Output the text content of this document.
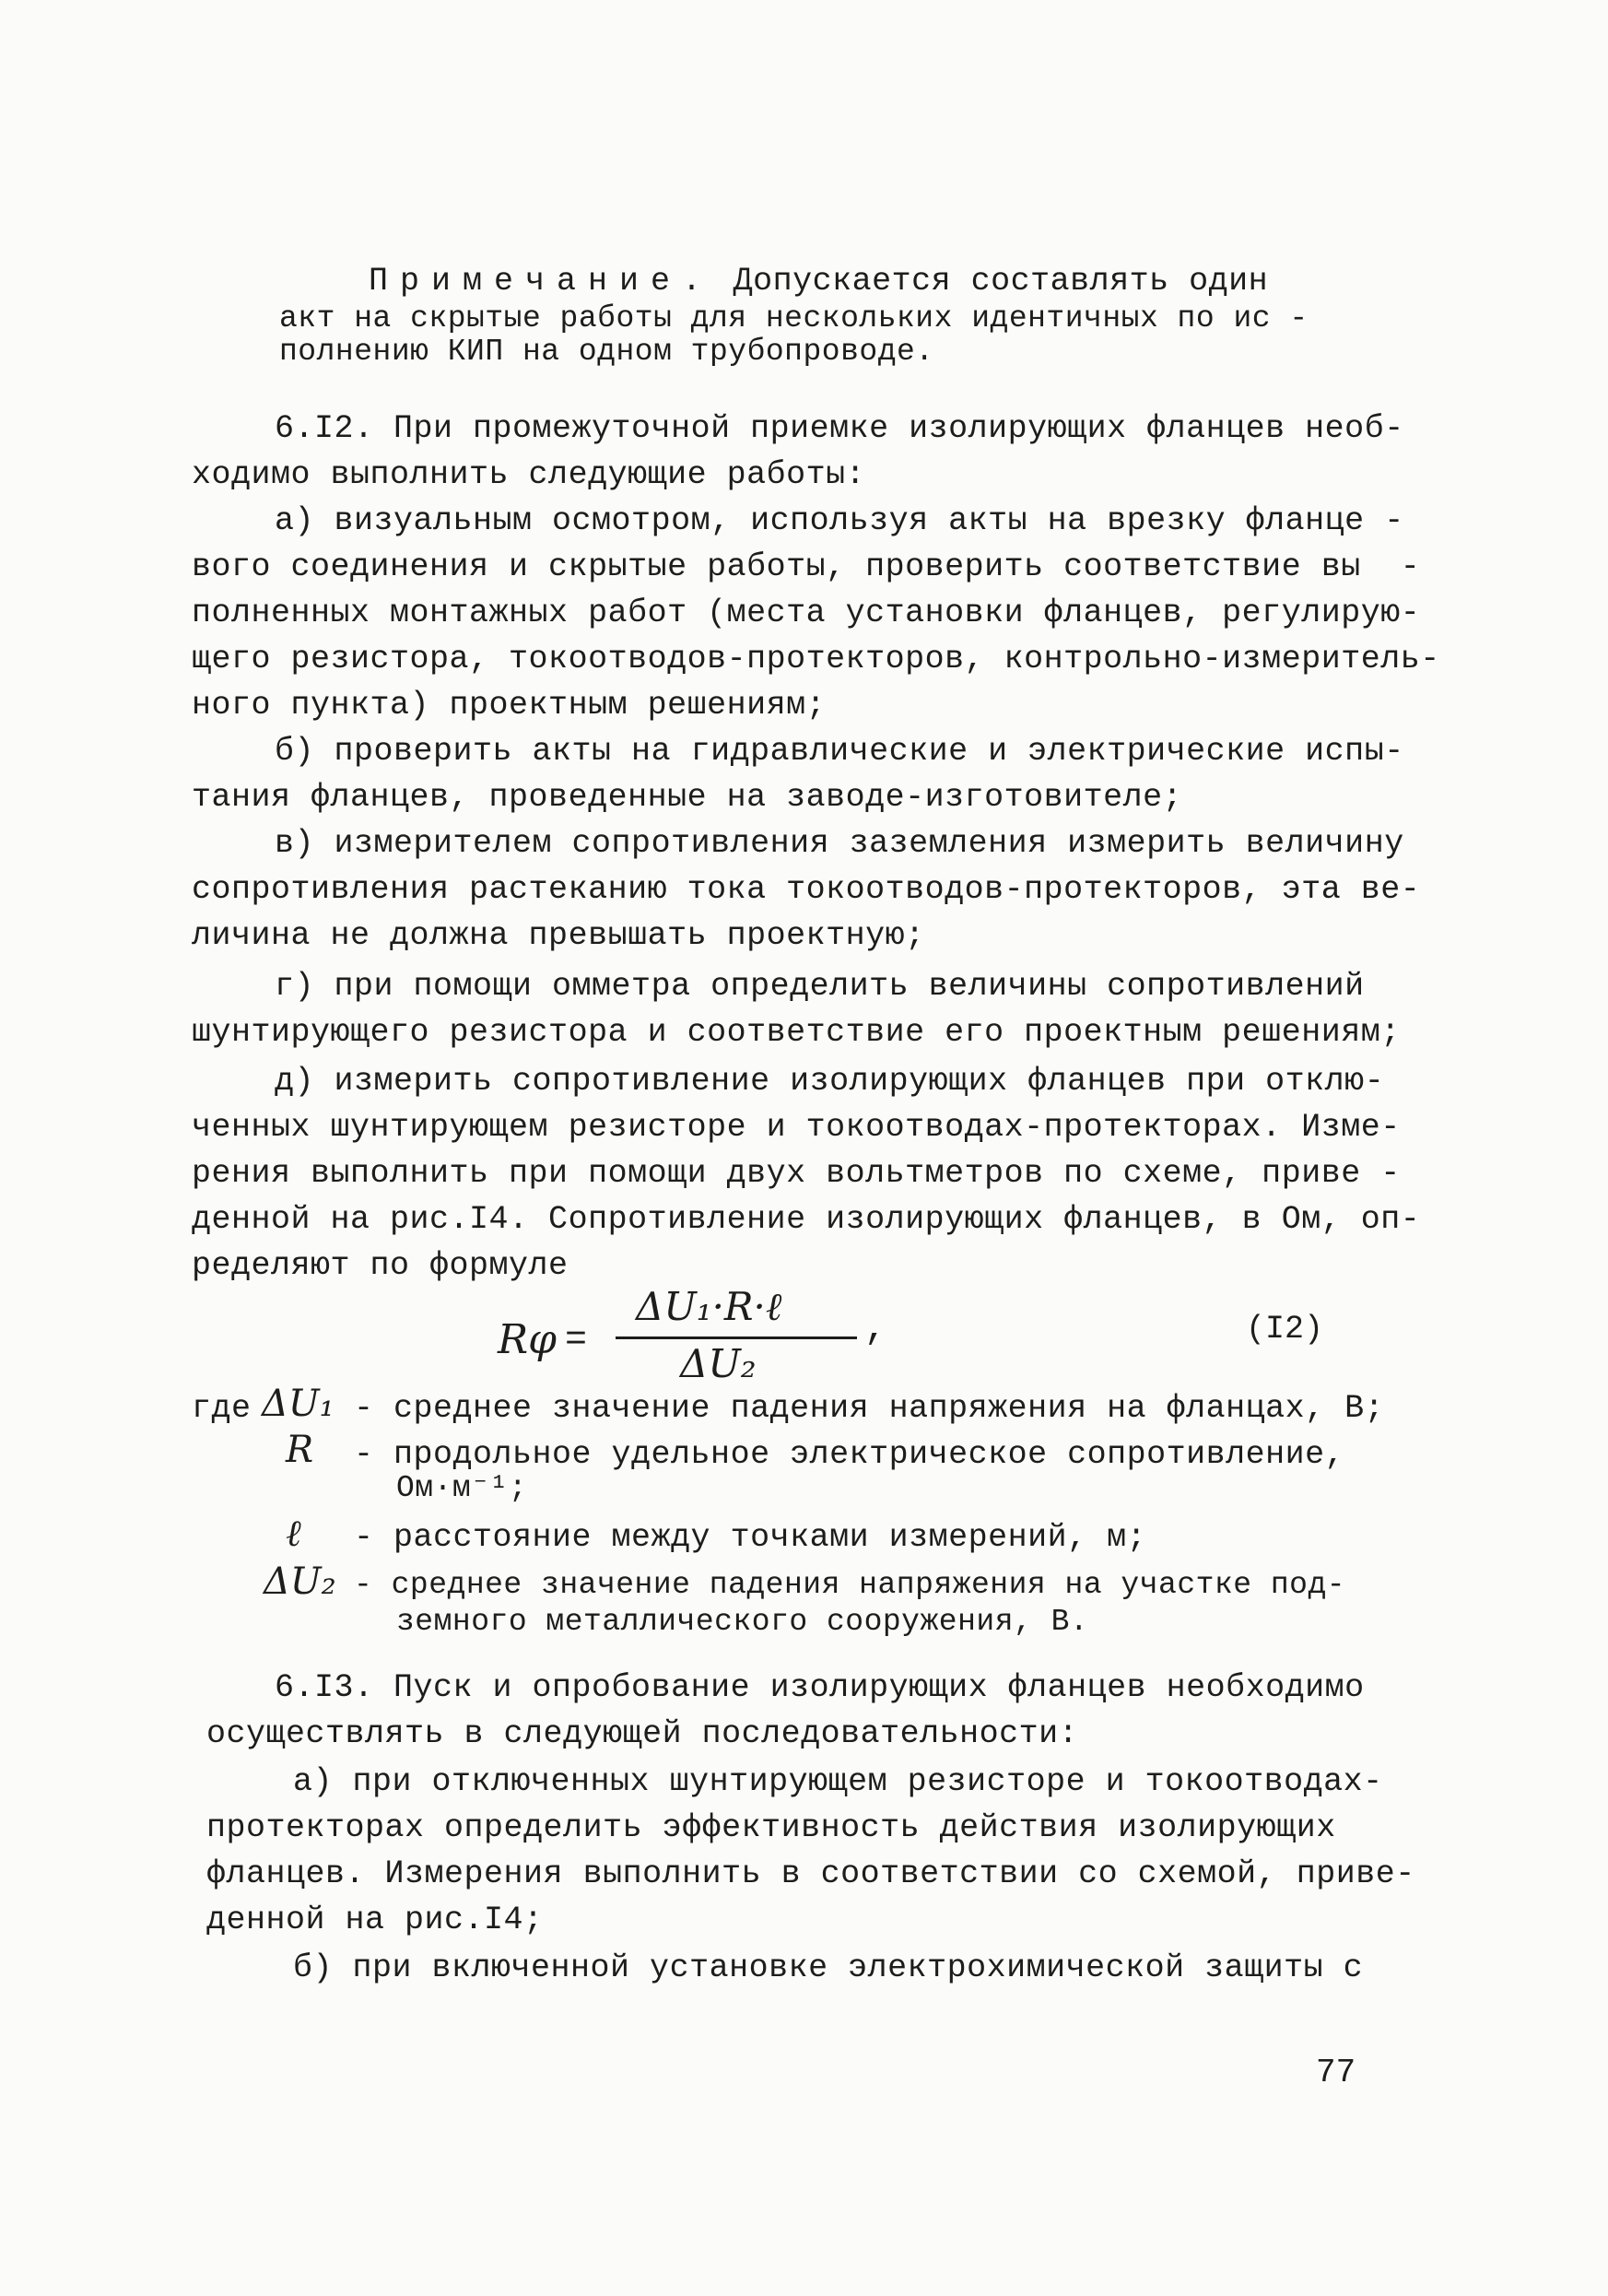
Примечание. Допускается составлять один
акт на скрытые работы для нескольких идентичных по ис -
полнению КИП на одном трубопроводе.
6.I2. При промежуточной приемке изолирующих фланцев необ-
ходимо выполнить следующие работы:
а) визуальным осмотром, используя акты на врезку фланце -
вого соединения и скрытые работы, проверить соответствие вы  -
полненных монтажных работ (места установки фланцев, регулирую-
щего резистора, токоотводов-протекторов, контрольно-измеритель-
ного пункта) проектным решениям;
б) проверить акты на гидравлические и электрические испы-
тания фланцев, проведенные на заводе-изготовителе;
в) измерителем сопротивления заземления измерить величину
сопротивления растеканию тока токоотводов-протекторов, эта ве-
личина не должна превышать проектную;
г) при помощи омметра определить величины сопротивлений
шунтирующего резистора и соответствие его проектным решениям;
д) измерить сопротивление изолирующих фланцев при отклю-
ченных шунтирующем резисторе и токоотводах-протекторах. Изме-
рения выполнить при помощи двух вольтметров по схеме, приве -
денной на рис.I4. Сопротивление изолирующих фланцев, в Ом, оп-
ределяют по формуле
Rφ =
ΔU₁·R·ℓ
ΔU₂
,	(I2)
где ΔU₁ - среднее значение падения напряжения на фланцах, В;
R - продольное удельное электрическое сопротивление,
Ом·м⁻¹;
ℓ - расстояние между точками измерений, м;
ΔU₂ - среднее значение падения напряжения на участке под-
земного металлического сооружения, В.
6.I3. Пуск и опробование изолирующих фланцев необходимо
осуществлять в следующей последовательности:
а) при отключенных шунтирующем резисторе и токоотводах-
протекторах определить эффективность действия изолирующих
фланцев. Измерения выполнить в соответствии со схемой, приве-
денной на рис.I4;
б) при включенной установке электрохимической защиты с
77
